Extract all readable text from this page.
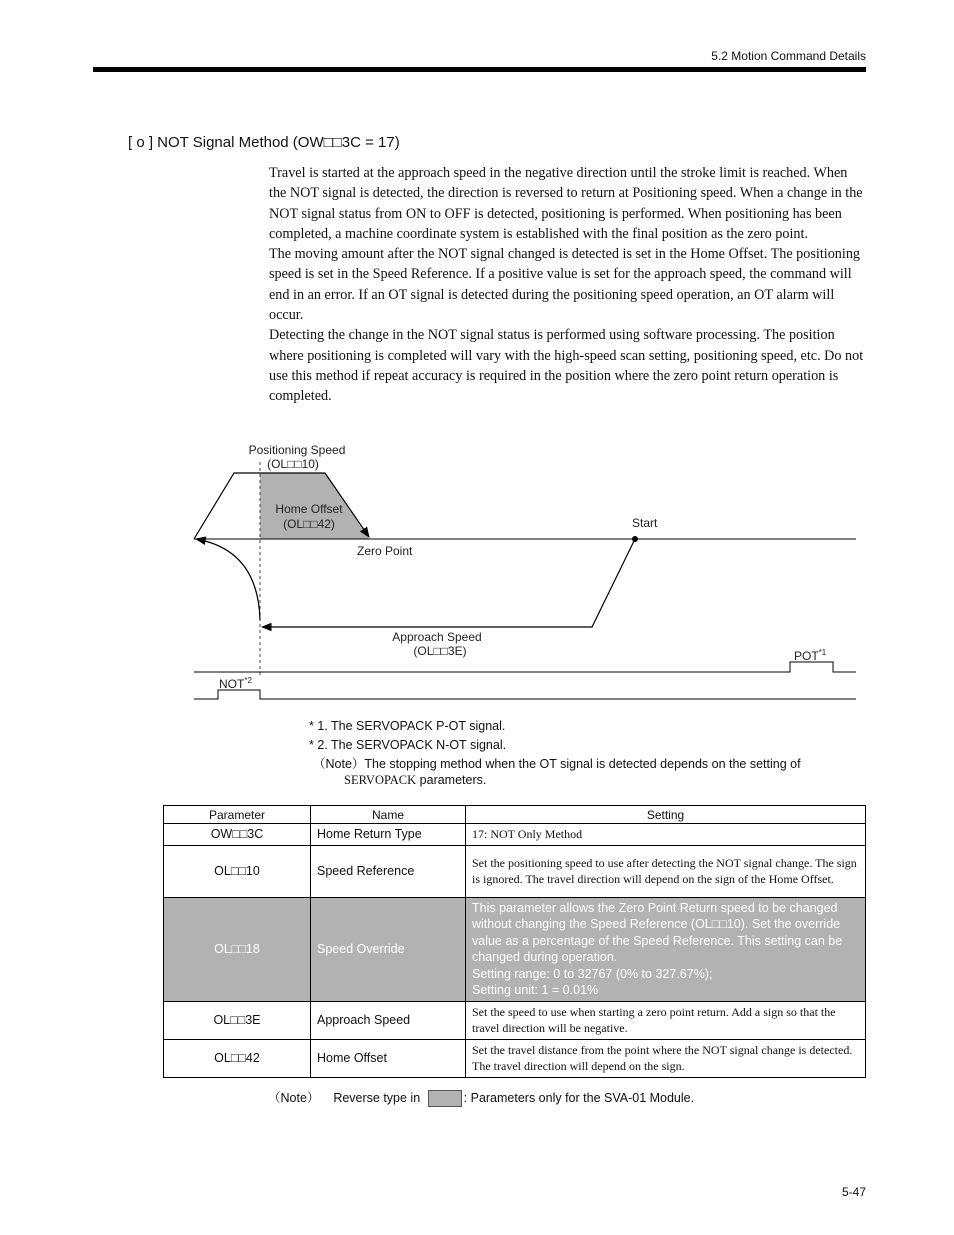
5.2 Motion Command Details
[ o ] NOT Signal Method (OW□□3C = 17)

Travel is started at the approach speed in the negative direction until the stroke limit is reached. When the NOT signal is detected, the direction is reversed to return at Positioning speed. When a change in the NOT signal status from ON to OFF is detected, positioning is performed. When positioning has been completed, a machine coordinate system is established with the final position as the zero point.

The moving amount after the NOT signal changed is detected is set in the Home Offset. The positioning speed is set in the Speed Reference. If a positive value is set for the approach speed, the command will end in an error. If an OT signal is detected during the positioning speed operation, an OT alarm will occur.

Detecting the change in the NOT signal status is performed using software processing. The position where positioning is completed will vary with the high-speed scan setting, positioning speed, etc. Do not use this method if repeat accuracy is required in the position where the zero point return operation is completed.

Positioning Speed
(OL□□10)
Home Offset
(OL□□42)	Start
Zero Point
Approach Speed
(OL□□3E)	POT$^{*1}$
NOT$^{*2}$
* 1. The SERVOPACK P-OT signal.
* 2. The SERVOPACK N-OT signal.
（Note）The stopping method when the OT signal is detected depends on the setting of
SERVOPACK parameters.
Parameter	Name	Setting
OW□□3C	Home Return Type	17: NOT Only Method
OL□□10	Speed Reference	Set the positioning speed to use after detecting the NOT signal change. The sign is ignored. The travel direction will depend on the sign of the Home Offset.
OL□□18	Speed Override	This parameter allows the Zero Point Return speed to be changed without changing the Speed Reference (OL□□10). Set the override value as a percentage of the Speed Reference. This setting can be changed during operation.
Setting range: 0 to 32767 (0% to 327.67%);
Setting unit: 1 = 0.01%

OL□□3E	Approach Speed	Set the speed to use when starting a zero point return. Add a sign so that the travel direction will be negative.
OL□□42	Home Offset	Set the travel distance from the point where the NOT signal change is detected. The travel direction will depend on the sign.
（Note） Reverse type in	: Parameters only for the SVA-01 Module.
5-47
